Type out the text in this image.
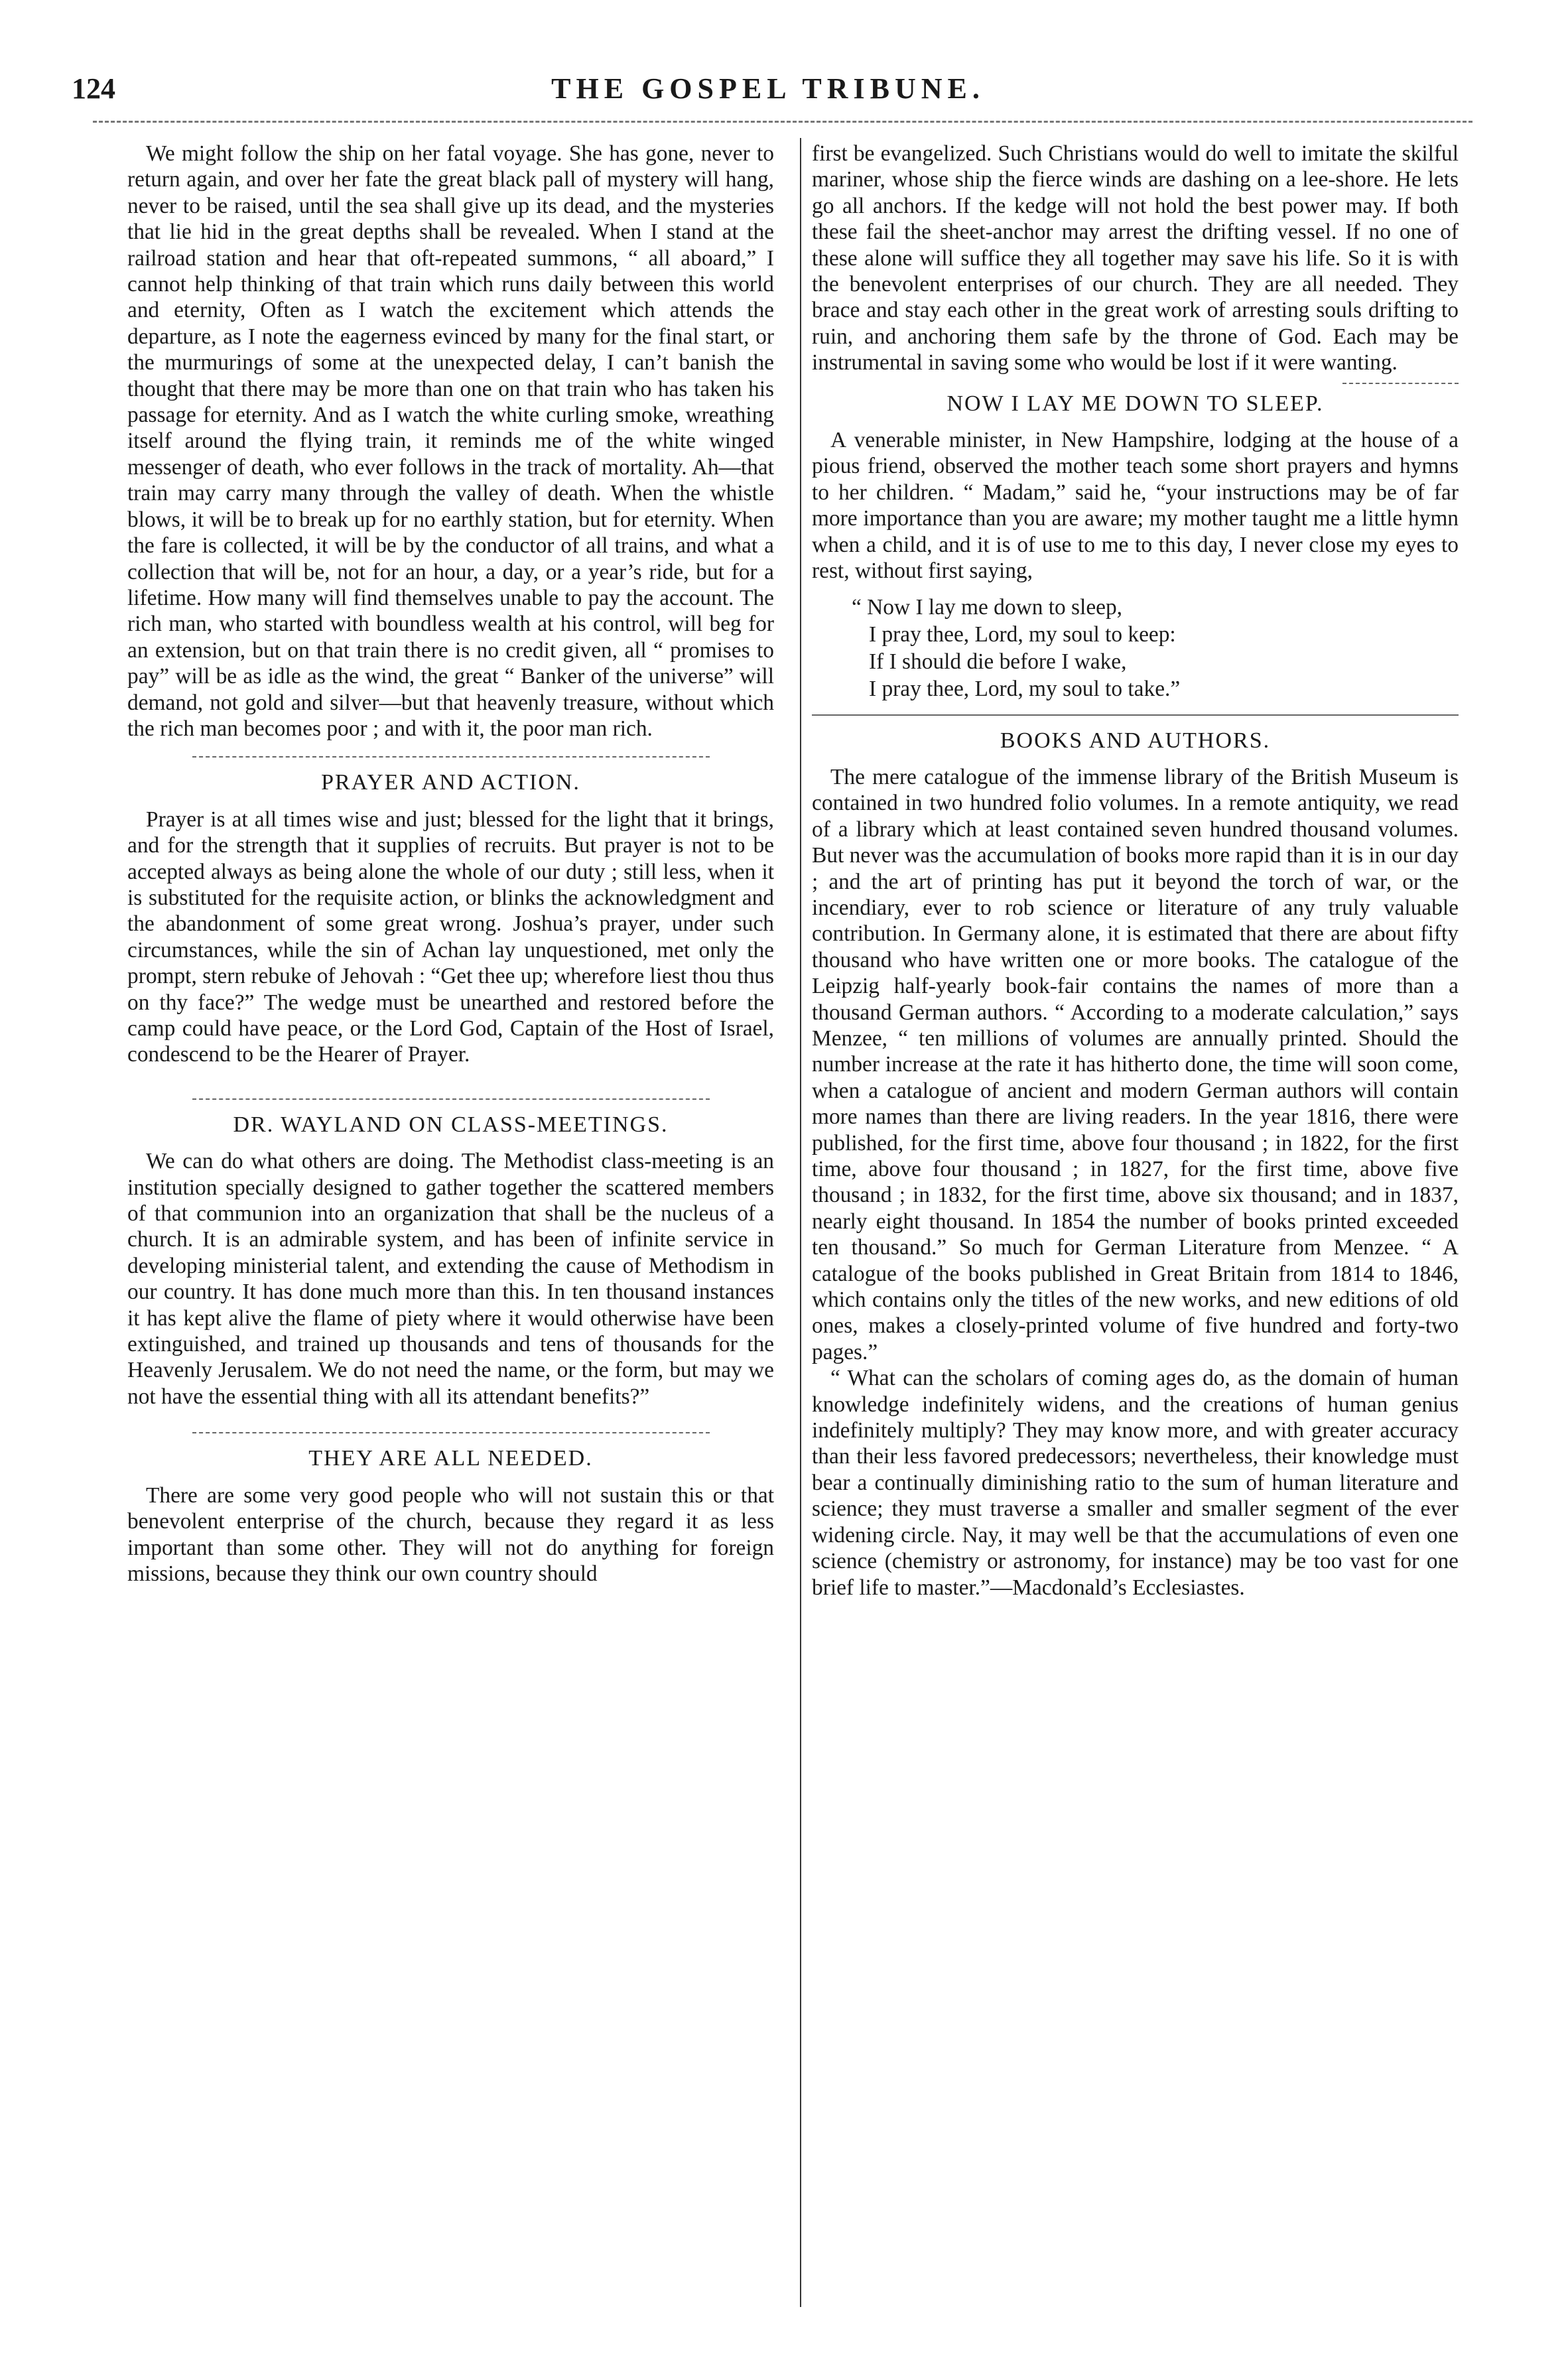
124	THE GOSPEL TRIBUNE.

We might follow the ship on her fatal voyage. She has gone, never to return again, and over her fate the great black pall of mystery will hang, never to be raised, until the sea shall give up its dead, and the mysteries that lie hid in the great depths shall be revealed. When I stand at the railroad station and hear that oft-repeated summons, “ all aboard,” I cannot help thinking of that train which runs daily between this world and eternity, Often as I watch the excitement which attends the departure, as I note the eagerness evinced by many for the final start, or the murmurings of some at the unexpected delay, I can’t banish the thought that there may be more than one on that train who has taken his passage for eternity. And as I watch the white curling smoke, wreathing itself around the flying train, it reminds me of the white winged messenger of death, who ever follows in the track of mortality. Ah—that train may carry many through the valley of death. When the whistle blows, it will be to break up for no earthly station, but for eternity. When the fare is collected, it will be by the conductor of all trains, and what a collection that will be, not for an hour, a day, or a year’s ride, but for a lifetime. How many will find themselves unable to pay the account. The rich man, who started with boundless wealth at his control, will beg for an extension, but on that train there is no credit given, all “ promises to pay” will be as idle as the wind, the great “ Banker of the universe” will demand, not gold and silver—but that heavenly treasure, without which the rich man becomes poor ; and with it, the poor man rich.

PRAYER AND ACTION.

Prayer is at all times wise and just; blessed for the light that it brings, and for the strength that it supplies of recruits. But prayer is not to be accepted always as being alone the whole of our duty ; still less, when it is substituted for the requisite action, or blinks the acknowledgment and the abandonment of some great wrong. Joshua’s prayer, under such circumstances, while the sin of Achan lay unquestioned, met only the prompt, stern rebuke of Jehovah : “Get thee up; wherefore liest thou thus on thy face?” The wedge must be unearthed and restored before the camp could have peace, or the Lord God, Captain of the Host of Israel, condescend to be the Hearer of Prayer.

DR. WAYLAND ON CLASS-MEETINGS.

We can do what others are doing. The Methodist class-meeting is an institution specially designed to gather together the scattered members of that communion into an organization that shall be the nucleus of a church. It is an admirable system, and has been of infinite service in developing ministerial talent, and extending the cause of Methodism in our country. It has done much more than this. In ten thousand instances it has kept alive the flame of piety where it would otherwise have been extinguished, and trained up thousands and tens of thousands for the Heavenly Jerusalem. We do not need the name, or the form, but may we not have the essential thing with all its attendant benefits?”

THEY ARE ALL NEEDED.

There are some very good people who will not sustain this or that benevolent enterprise of the church, because they regard it as less important than some other. They will not do anything for foreign missions, because they think our own country should

first be evangelized. Such Christians would do well to imitate the skilful mariner, whose ship the fierce winds are dashing on a lee-shore. He lets go all anchors. If the kedge will not hold the best power may. If both these fail the sheet-anchor may arrest the drifting vessel. If no one of these alone will suffice they all together may save his life. So it is with the benevolent enterprises of our church. They are all needed. They brace and stay each other in the great work of arresting souls drifting to ruin, and anchoring them safe by the throne of God. Each may be instrumental in saving some who would be lost if it were wanting.

NOW I LAY ME DOWN TO SLEEP.

A venerable minister, in New Hampshire, lodging at the house of a pious friend, observed the mother teach some short prayers and hymns to her children. “ Madam,” said he, “your instructions may be of far more importance than you are aware; my mother taught me a little hymn when a child, and it is of use to me to this day, I never close my eyes to rest, without first saying,

“ Now I lay me down to sleep,
I pray thee, Lord, my soul to keep:
If I should die before I wake,
I pray thee, Lord, my soul to take.”
BOOKS AND AUTHORS.

The mere catalogue of the immense library of the British Museum is contained in two hundred folio volumes. In a remote antiquity, we read of a library which at least contained seven hundred thousand volumes. But never was the accumulation of books more rapid than it is in our day ; and the art of printing has put it beyond the torch of war, or the incendiary, ever to rob science or literature of any truly valuable contribution. In Germany alone, it is estimated that there are about fifty thousand who have written one or more books. The catalogue of the Leipzig half-yearly book-fair contains the names of more than a thousand German authors. “ According to a moderate calculation,” says Menzee, “ ten millions of volumes are annually printed. Should the number increase at the rate it has hitherto done, the time will soon come, when a catalogue of ancient and modern German authors will contain more names than there are living readers. In the year 1816, there were published, for the first time, above four thousand ; in 1822, for the first time, above four thousand ; in 1827, for the first time, above five thousand ; in 1832, for the first time, above six thousand; and in 1837, nearly eight thousand. In 1854 the number of books printed exceeded ten thousand.” So much for German Literature from Menzee. “ A catalogue of the books published in Great Britain from 1814 to 1846, which contains only the titles of the new works, and new editions of old ones, makes a closely-printed volume of five hundred and forty-two pages.”

“ What can the scholars of coming ages do, as the domain of human knowledge indefinitely widens, and the creations of human genius indefinitely multiply? They may know more, and with greater accuracy than their less favored predecessors; nevertheless, their knowledge must bear a continually diminishing ratio to the sum of human literature and science; they must traverse a smaller and smaller segment of the ever widening circle. Nay, it may well be that the accumulations of even one science (chemistry or astronomy, for instance) may be too vast for one brief life to master.”—Macdonald’s Ecclesiastes.
